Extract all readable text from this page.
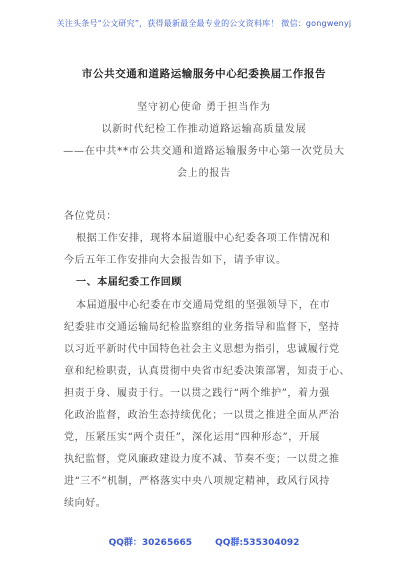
关注头条号“公文研究”，获得最新最全最专业的公文资料库！ 微信：gongwenyj
市公共交通和道路运输服务中心纪委换届工作报告
坚守初心使命 勇于担当作为
以新时代纪检工作推动道路运输高质量发展
——在中共**市公共交通和道路运输服务中心第一次党员大
会上的报告
各位党员：
根据工作安排，现将本届道服中心纪委各项工作情况和
今后五年工作安排向大会报告如下，请予审议。
一、本届纪委工作回顾
本届道服中心纪委在市交通局党组的坚强领导下，在市
纪委驻市交通运输局纪检监察组的业务指导和监督下，坚持
以习近平新时代中国特色社会主义思想为指引，忠诚履行党
章和纪检职责，认真贯彻中央省市纪委决策部署，知责于心、
担责于身、履责于行。一以贯之践行“两个维护”，着力强
化政治监督，政治生态持续优化；一以贯之推进全面从严治
党，压紧压实“两个责任”，深化运用“四种形态”，开展
执纪监督，党风廉政建设力度不减、节奏不变；一以贯之推
进“三不”机制，严格落实中央八项规定精神，政风行风持
续向好。
QQ群：30265665	QQ群:535304092
